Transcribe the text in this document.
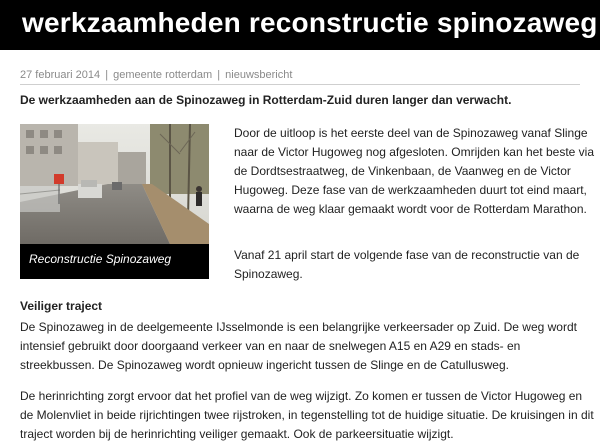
werkzaamheden reconstructie spinozaweg
27 februari 2014 | gemeente rotterdam | nieuwsbericht
De werkzaamheden aan de Spinozaweg in Rotterdam-Zuid duren langer dan verwacht.
Reconstructie Spinozaweg

Door de uitloop is het eerste deel van de Spinozaweg vanaf Slinge naar de Victor Hugoweg nog afgesloten. Omrijden kan het beste via de Dordtsestraatweg, de Vinkenbaan, de Vaanweg en de Victor Hugoweg. Deze fase van de werkzaamheden duurt tot eind maart, waarna de weg klaar gemaakt wordt voor de Rotterdam Marathon.

Vanaf 21 april start de volgende fase van de reconstructie van de Spinozaweg.

Veiliger traject

De Spinozaweg in de deelgemeente IJsselmonde is een belangrijke verkeersader op Zuid. De weg wordt intensief gebruikt door doorgaand verkeer van en naar de snelwegen A15 en A29 en stads- en streekbussen. De Spinozaweg wordt opnieuw ingericht tussen de Slinge en de Catullusweg.

De herinrichting zorgt ervoor dat het profiel van de weg wijzigt. Zo komen er tussen de Victor Hugoweg en de Molenvliet in beide rijrichtingen twee rijstroken, in tegenstelling tot de huidige situatie. De kruisingen in dit traject worden bij de herinrichting veiliger gemaakt. Ook de parkeersituatie wijzigt.
